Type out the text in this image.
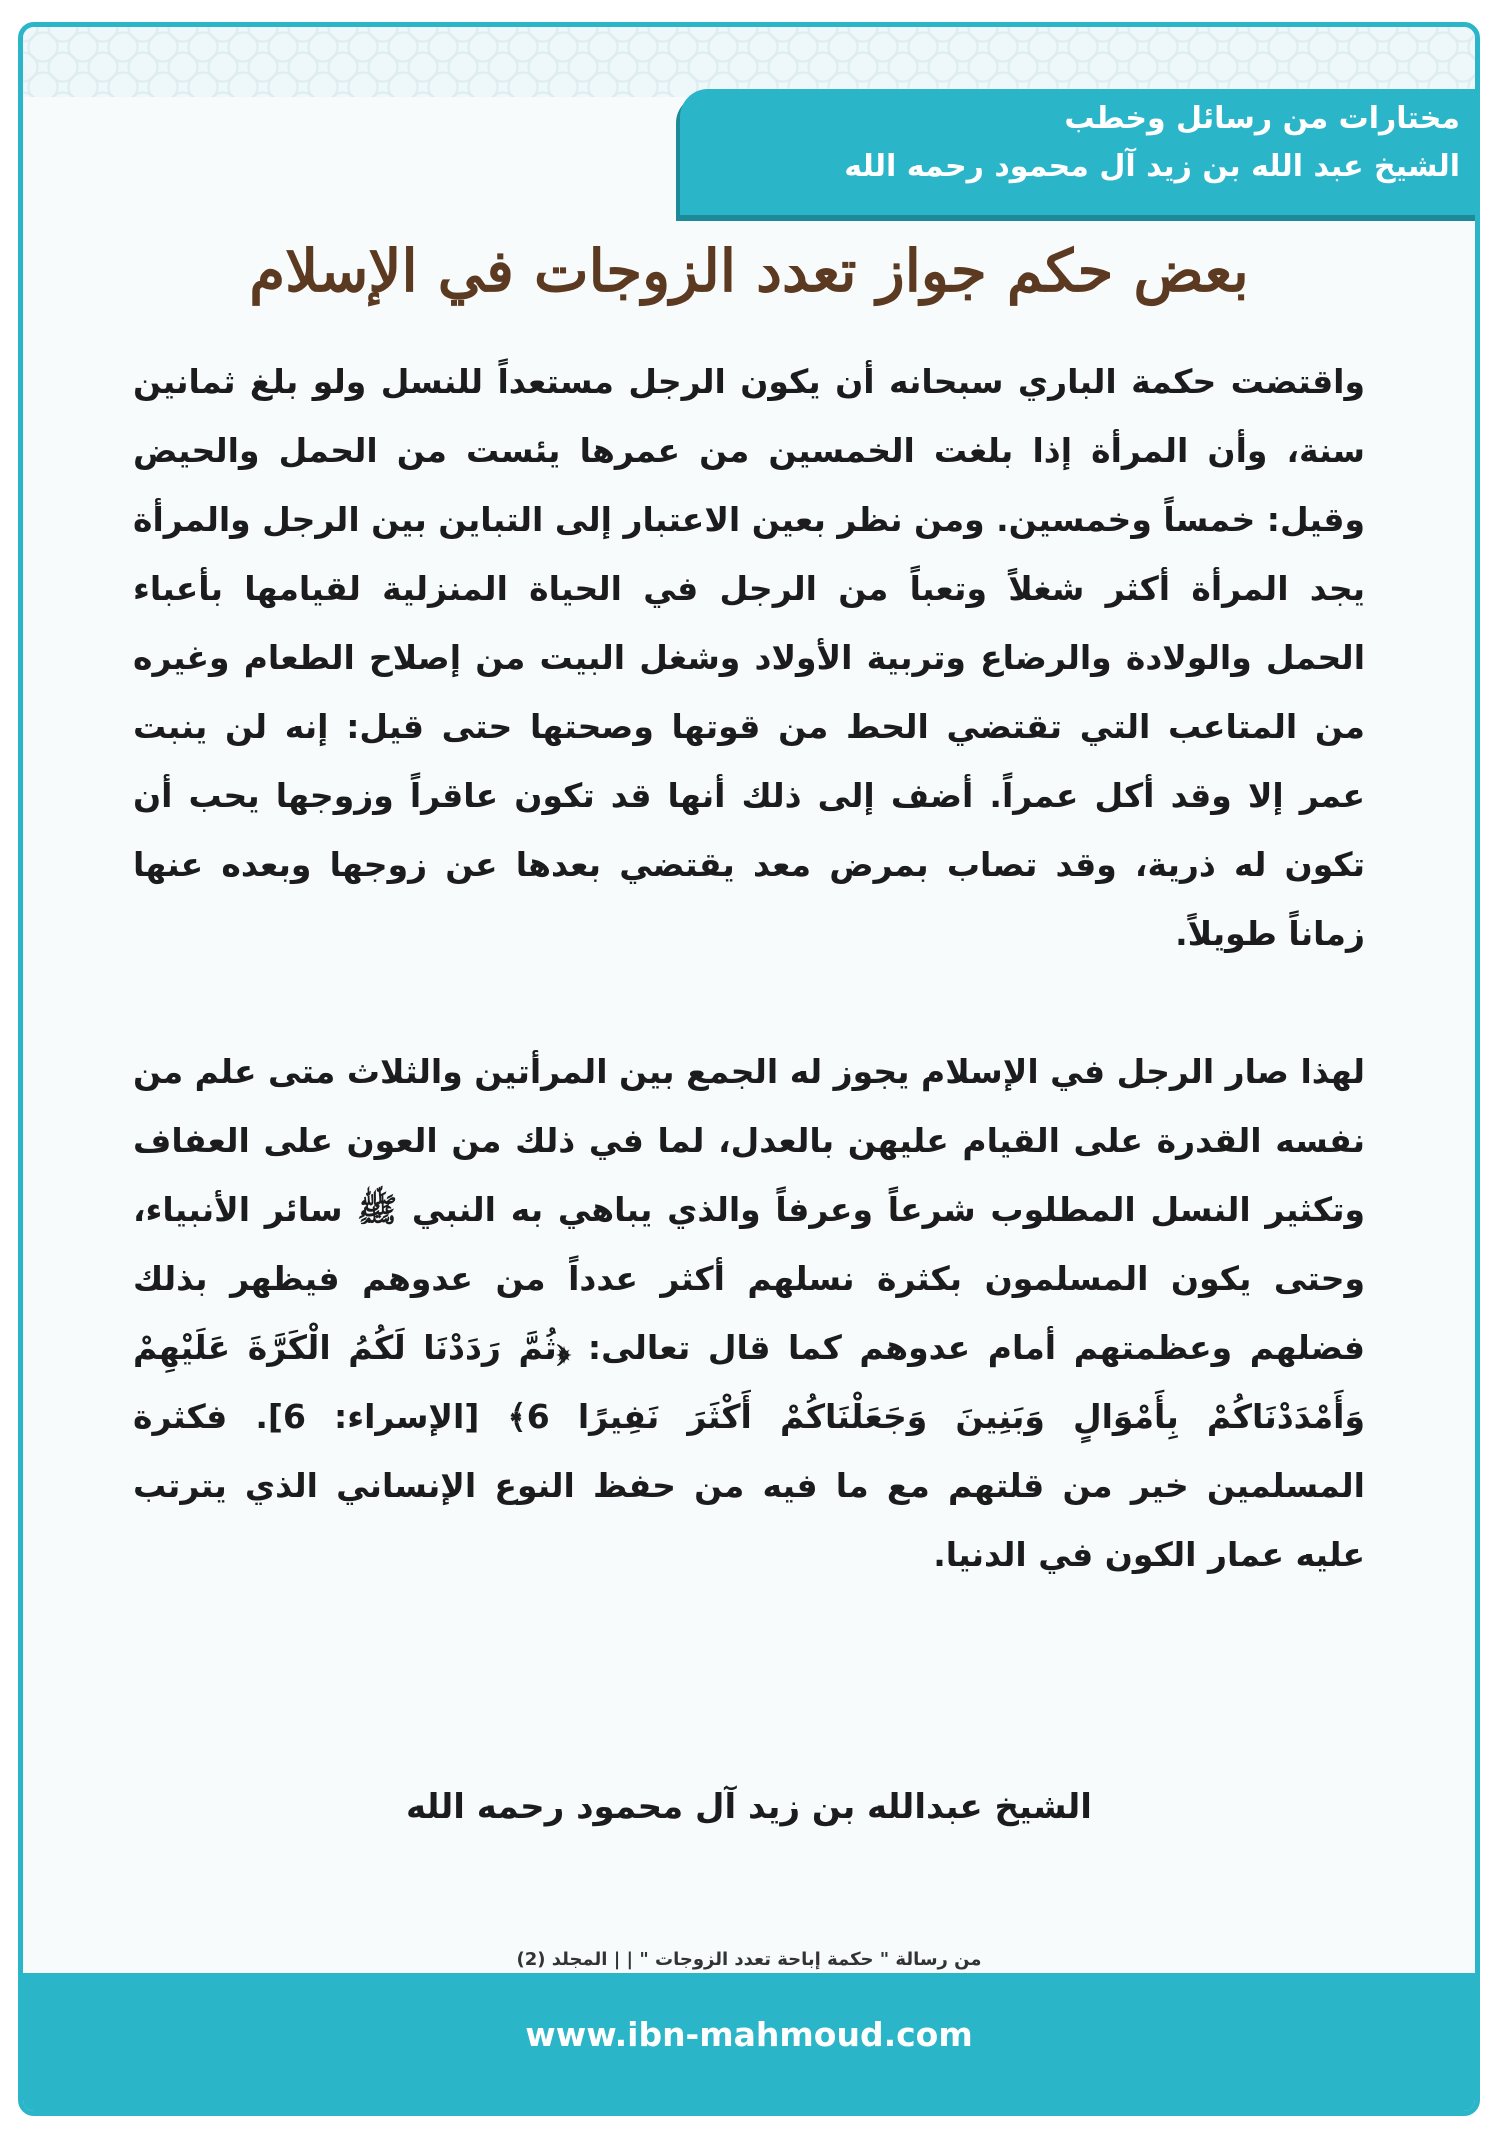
مختارات من رسائل وخطب
الشيخ عبد الله بن زيد آل محمود رحمه الله
بعض حكم جواز تعدد الزوجات في الإسلام

واقتضت حكمة الباري سبحانه أن يكون الرجل مستعداً للنسل ولو بلغ ثمانين سنة، وأن المرأة إذا بلغت الخمسين من عمرها يئست من الحمل والحيض وقيل: خمساً وخمسين. ومن نظر بعين الاعتبار إلى التباين بين الرجل والمرأة يجد المرأة أكثر شغلاً وتعباً من الرجل في الحياة المنزلية لقيامها بأعباء الحمل والولادة والرضاع وتربية الأولاد وشغل البيت من إصلاح الطعام وغيره من المتاعب التي تقتضي الحط من قوتها وصحتها حتى قيل: إنه لن ينبت عمر إلا وقد أكل عمراً. أضف إلى ذلك أنها قد تكون عاقراً وزوجها يحب أن تكون له ذرية، وقد تصاب بمرض معد يقتضي بعدها عن زوجها وبعده عنها زماناً طويلاً.

لهذا صار الرجل في الإسلام يجوز له الجمع بين المرأتين والثلاث متى علم من نفسه القدرة على القيام عليهن بالعدل، لما في ذلك من العون على العفاف وتكثير النسل المطلوب شرعاً وعرفاً والذي يباهي به النبي ﷺ سائر الأنبياء، وحتى يكون المسلمون بكثرة نسلهم أكثر عدداً من عدوهم فيظهر بذلك فضلهم وعظمتهم أمام عدوهم كما قال تعالى: ﴿ثُمَّ رَدَدْنَا لَكُمُ الْكَرَّةَ عَلَيْهِمْ وَأَمْدَدْنَاكُمْ بِأَمْوَالٍ وَبَنِينَ وَجَعَلْنَاكُمْ أَكْثَرَ نَفِيرًا 6﴾ [الإسراء: 6]. فكثرة المسلمين خير من قلتهم مع ما فيه من حفظ النوع الإنساني الذي يترتب عليه عمار الكون في الدنيا.

الشيخ عبدالله بن زيد آل محمود رحمه الله
من رسالة " حكمة إباحة تعدد الزوجات " | | المجلد (2)
www.ibn-mahmoud.com
